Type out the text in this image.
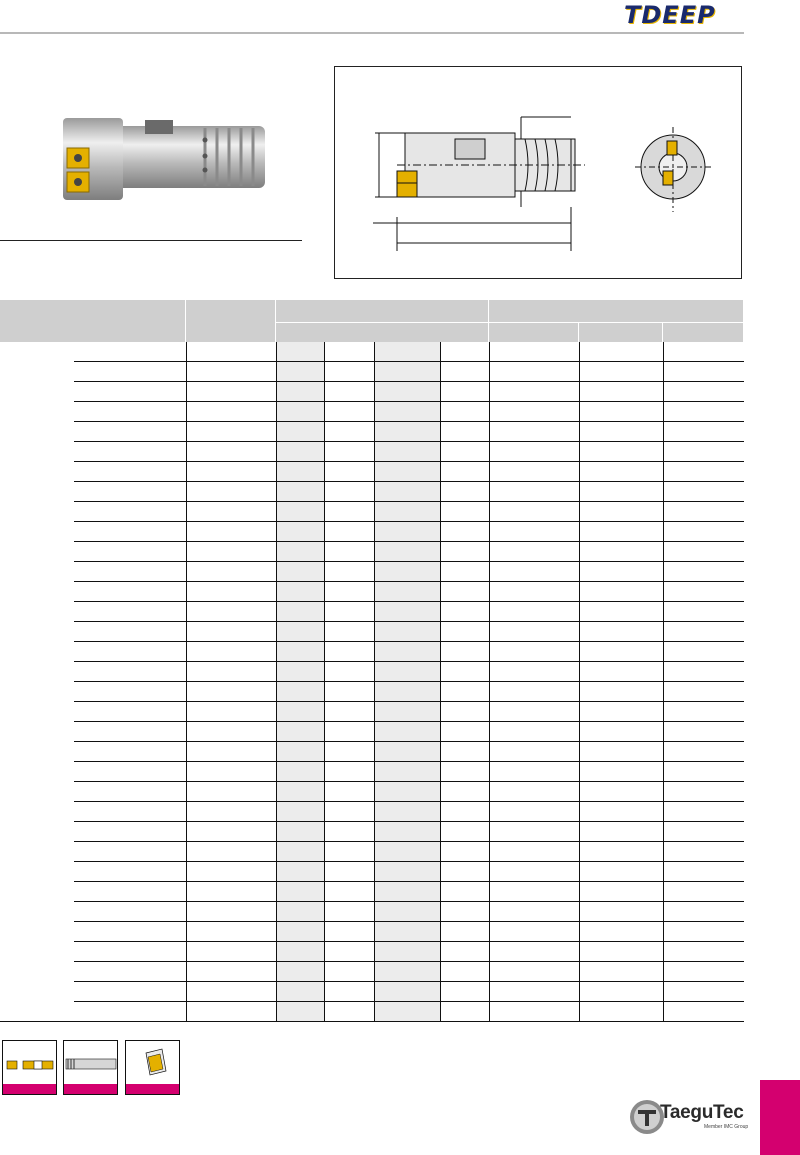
TDEEP
TaeguTec
Member IMC Group
